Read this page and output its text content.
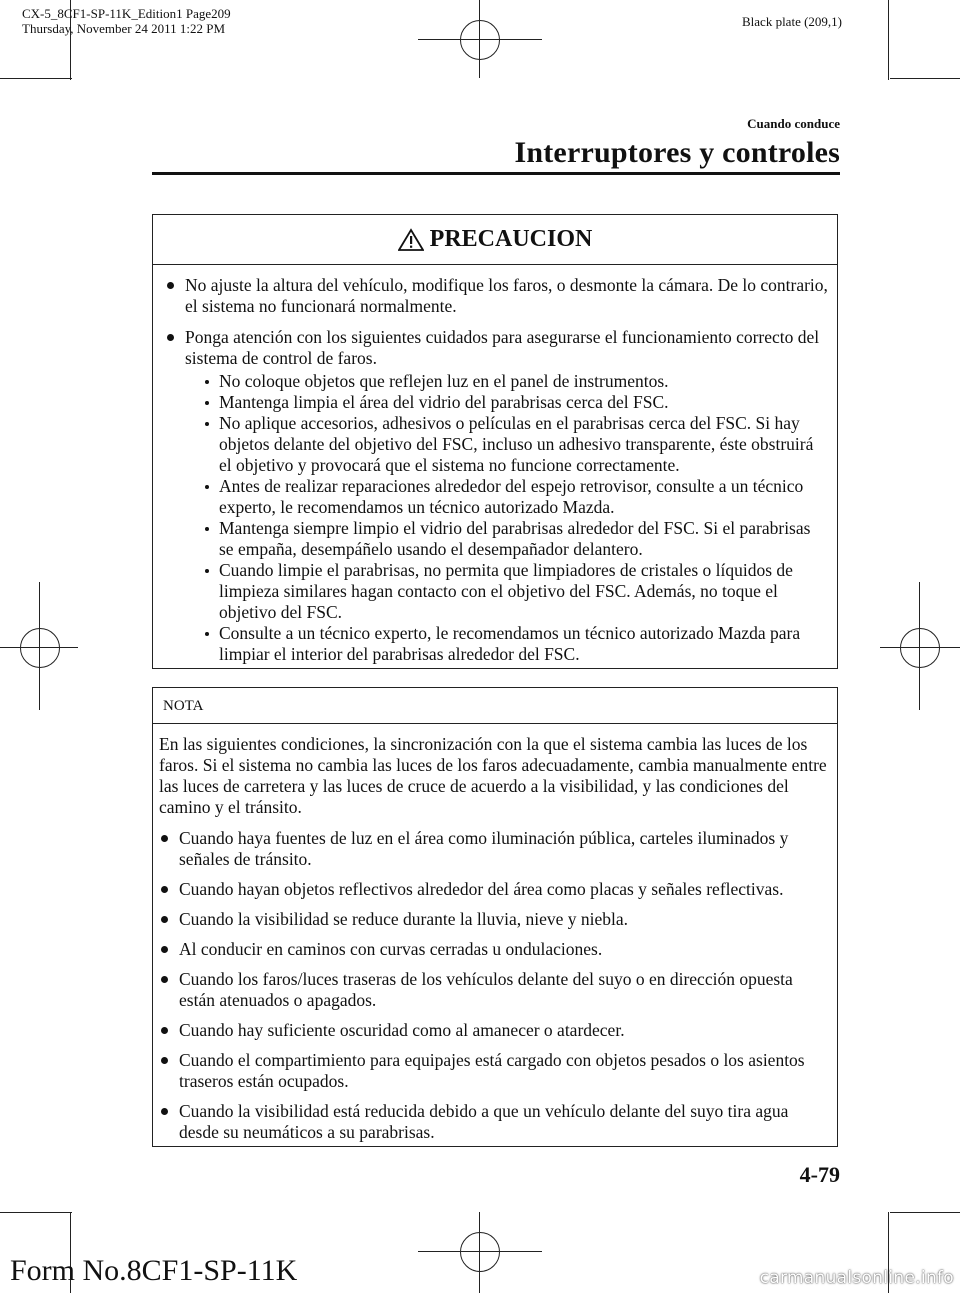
CX-5_8CF1-SP-11K_Edition1 Page209
Thursday, November 24 2011 1:22 PM	Black plate (209,1)
Cuando conduce
Interruptores y controles
PRECAUCION
No ajuste la altura del vehículo, modifique los faros, o desmonte la cámara. De lo contrario, el sistema no funcionará normalmente.
Ponga atención con los siguientes cuidados para asegurarse el funcionamiento correcto del sistema de control de faros.
No coloque objetos que reflejen luz en el panel de instrumentos.
Mantenga limpia el área del vidrio del parabrisas cerca del FSC.
No aplique accesorios, adhesivos o películas en el parabrisas cerca del FSC. Si hay objetos delante del objetivo del FSC, incluso un adhesivo transparente, éste obstruirá el objetivo y provocará que el sistema no funcione correctamente.
Antes de realizar reparaciones alrededor del espejo retrovisor, consulte a un técnico experto, le recomendamos un técnico autorizado Mazda.
Mantenga siempre limpio el vidrio del parabrisas alrededor del FSC. Si el parabrisas se empaña, desempáñelo usando el desempañador delantero.
Cuando limpie el parabrisas, no permita que limpiadores de cristales o líquidos de limpieza similares hagan contacto con el objetivo del FSC. Además, no toque el objetivo del FSC.
Consulte a un técnico experto, le recomendamos un técnico autorizado Mazda para limpiar el interior del parabrisas alrededor del FSC.
NOTA

En las siguientes condiciones, la sincronización con la que el sistema cambia las luces de los faros. Si el sistema no cambia las luces de los faros adecuadamente, cambia manualmente entre las luces de carretera y las luces de cruce de acuerdo a la visibilidad, y las condiciones del camino y el tránsito.

Cuando haya fuentes de luz en el área como iluminación pública, carteles iluminados y señales de tránsito.
Cuando hayan objetos reflectivos alrededor del área como placas y señales reflectivas.
Cuando la visibilidad se reduce durante la lluvia, nieve y niebla.
Al conducir en caminos con curvas cerradas u ondulaciones.
Cuando los faros/luces traseras de los vehículos delante del suyo o en dirección opuesta están atenuados o apagados.
Cuando hay suficiente oscuridad como al amanecer o atardecer.
Cuando el compartimiento para equipajes está cargado con objetos pesados o los asientos traseros están ocupados.
Cuando la visibilidad está reducida debido a que un vehículo delante del suyo tira agua desde su neumáticos a su parabrisas.
4-79
Form No.8CF1-SP-11K	carmanualsonline.info
